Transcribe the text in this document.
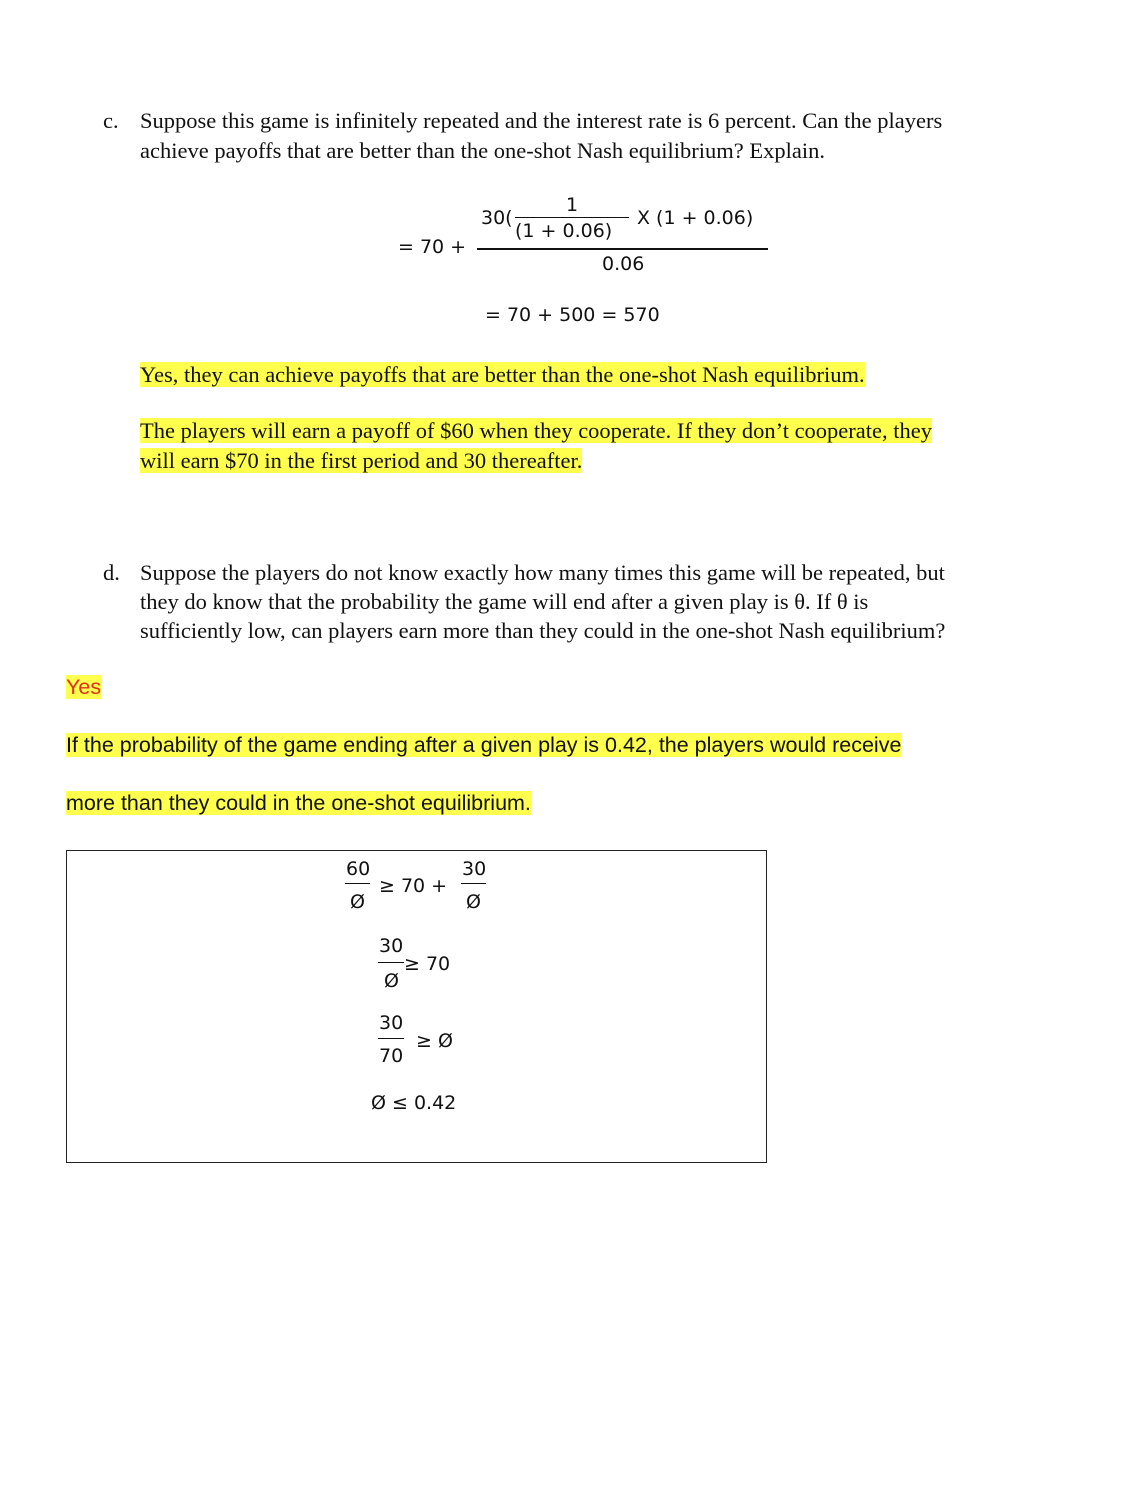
c. Suppose this game is infinitely repeated and the interest rate is 6 percent. Can the players
achieve payoffs that are better than the one-shot Nash equilibrium? Explain.
= 70 +
30(
1
(1 + 0.06)
X (1 + 0.06)
0.06
= 70 + 500 = 570
Yes, they can achieve payoffs that are better than the one-shot Nash equilibrium.
The players will earn a payoff of $60 when they cooperate. If they don’t cooperate, they
will earn $70 in the first period and 30 thereafter.
d. Suppose the players do not know exactly how many times this game will be repeated, but
they do know that the probability the game will end after a given play is θ. If θ is
sufficiently low, can players earn more than they could in the one-shot Nash equilibrium?
Yes
If the probability of the game ending after a given play is 0.42, the players would receive
more than they could in the one-shot equilibrium.
60
Ø
≥ 70 +
30
Ø
30
Ø
≥ 70
30
70
≥ Ø
Ø ≤ 0.42
